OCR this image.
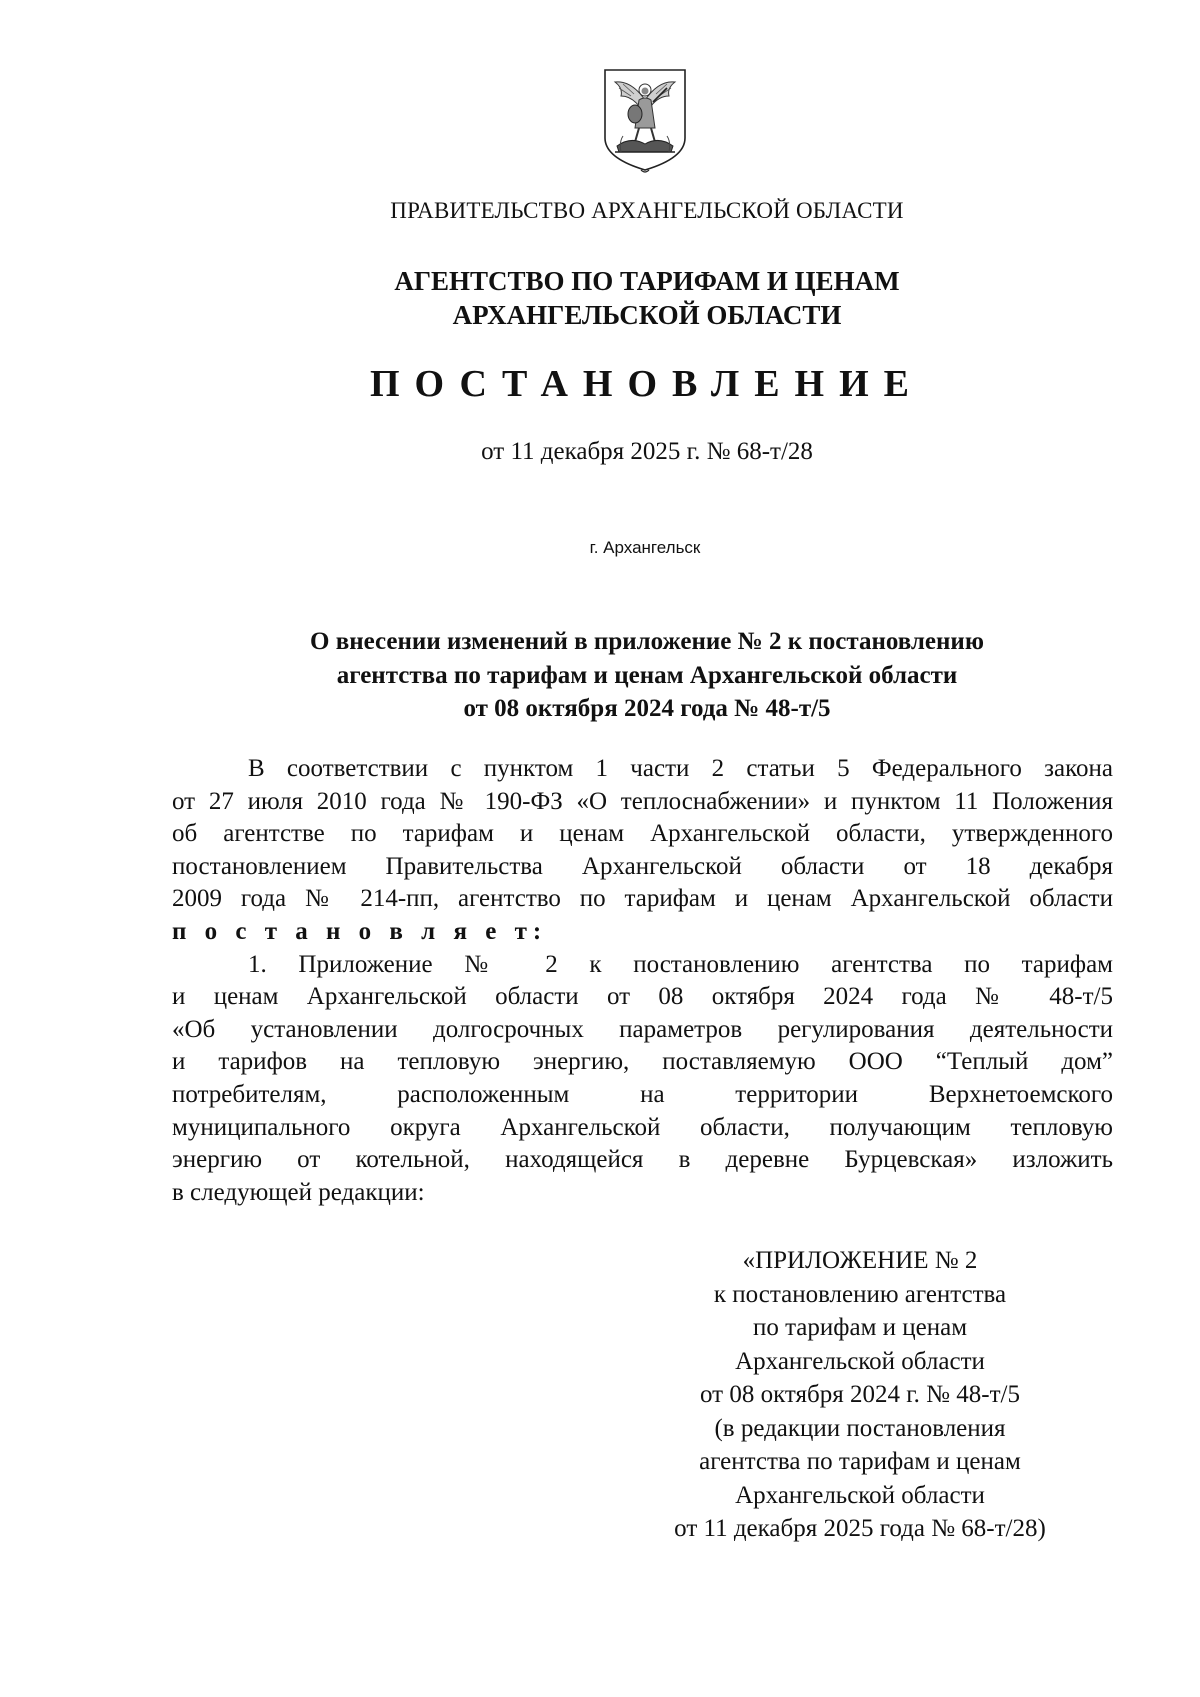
ПРАВИТЕЛЬСТВО АРХАНГЕЛЬСКОЙ ОБЛАСТИ
АГЕНТСТВО ПО ТАРИФАМ И ЦЕНАМ
АРХАНГЕЛЬСКОЙ ОБЛАСТИ
ПОСТАНОВЛЕНИЕ
от 11 декабря 2025 г. № 68-т/28
г. Архангельск
О внесении изменений в приложение № 2 к постановлению
агентства по тарифам и ценам Архангельской области
от 08 октября 2024 года № 48-т/5
В соответствии с пунктом 1 части 2 статьи 5 Федерального закона
от 27 июля 2010 года № 190-ФЗ «О теплоснабжении» и пунктом 11 Положения
об агентстве по тарифам и ценам Архангельской области, утвержденного
постановлением Правительства Архангельской области от 18 декабря
2009 года № 214-пп, агентство по тарифам и ценам Архангельской области
п о с т а н о в л я е т:
1. Приложение № 2 к постановлению агентства по тарифам
и ценам Архангельской области от 08 октября 2024 года № 48-т/5
«Об установлении долгосрочных параметров регулирования деятельности
и тарифов на тепловую энергию, поставляемую ООО “Теплый дом”
потребителям, расположенным на территории Верхнетоемского
муниципального округа Архангельской области, получающим тепловую
энергию от котельной, находящейся в деревне Бурцевская» изложить
в следующей редакции:
«ПРИЛОЖЕНИЕ № 2
к постановлению агентства
по тарифам и ценам
Архангельской области
от 08 октября 2024 г. № 48-т/5
(в редакции постановления
агентства по тарифам и ценам
Архангельской области
от 11 декабря 2025 года № 68-т/28)
